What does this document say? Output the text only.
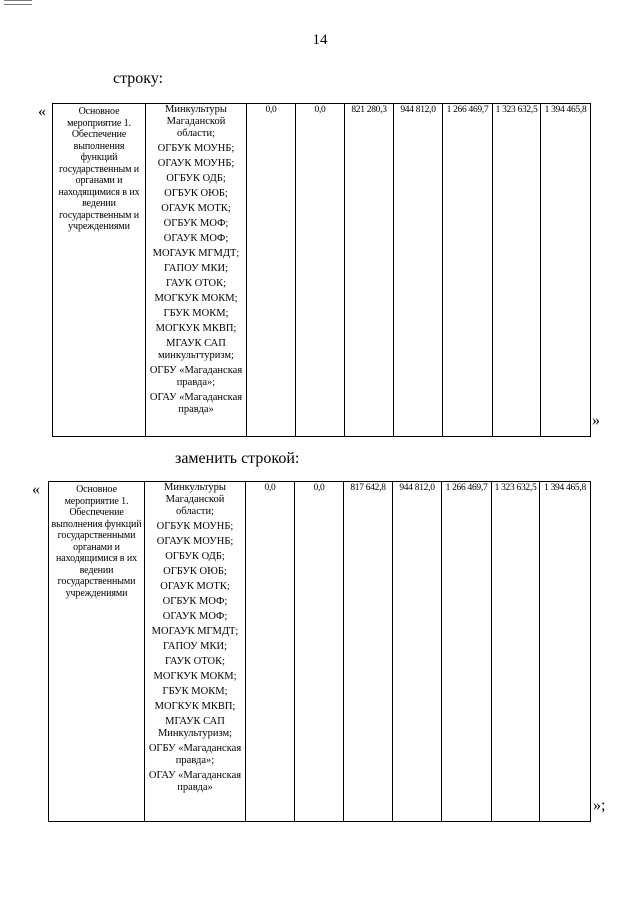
14
строку:
«	Основное мероприятие 1. Обеспечение выполнения функций государственным и органами и находящимися в их ведении государственным и учреждениями	
Минкультуры Магаданской области;
ОГБУК МОУНБ;
ОГАУК МОУНБ;
ОГБУК ОДБ;
ОГБУК ОЮБ;
ОГАУК МОТК;
ОГБУК МОФ;
ОГАУК МОФ;
МОГАУК МГМДТ;
ГАПОУ МКИ;
ГАУК ОТОК;
МОГКУК МОКМ;
ГБУК МОКМ;
МОГКУК МКВП;
МГАУК САП минкульттуризм;
ОГБУ «Магаданская правда»;
ОГАУ «Магаданская правда»
	0,0	0,0	821 280,3	944 812,0	1 266 469,7	1 323 632,5	1 394 465,8
»
заменить строкой:
«	Основное мероприятие 1. Обеспечение выполнения функций государственными органами и находящимися в их ведении государственными учреждениями	
Минкультуры Магаданской области;
ОГБУК МОУНБ;
ОГАУК МОУНБ;
ОГБУК ОДБ;
ОГБУК ОЮБ;
ОГАУК МОТК;
ОГБУК МОФ;
ОГАУК МОФ;
МОГАУК МГМДТ;
ГАПОУ МКИ;
ГАУК ОТОК;
МОГКУК МОКМ;
ГБУК МОКМ;
МОГКУК МКВП;
МГАУК САП Минкультуризм;
ОГБУ «Магаданская правда»;
ОГАУ «Магаданская правда»
	0,0	0,0	817 642,8	944 812,0	1 266 469,7	1 323 632,5	1 394 465,8
»;
